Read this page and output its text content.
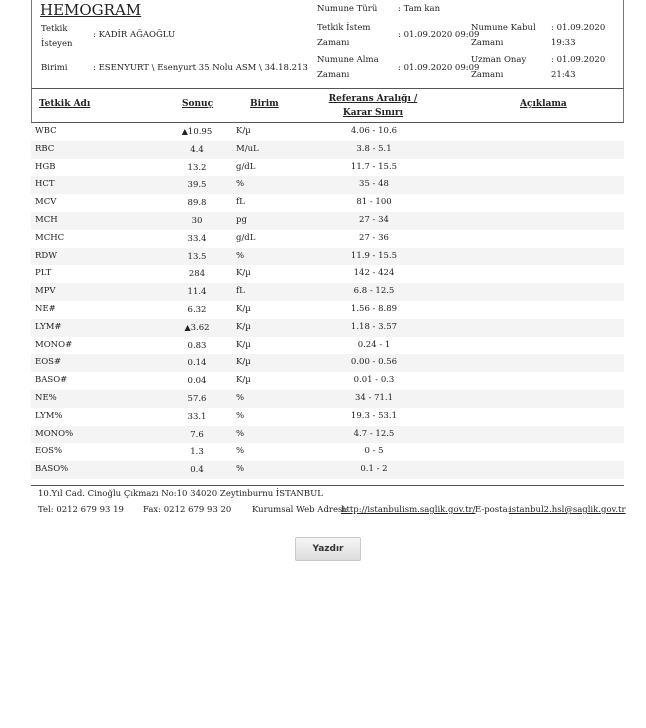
HEMOGRAM
Tetkik
İsteyen
: KADİR AĞAOĞLU
Birimi	: ESENYURT \ Esenyurt 35 Nolu ASM \ 34.18.213
Numune Türü : Tam kan
Tetkik İstem
Zamanı
: 01.09.2020 09:09
Numune Alma
Zamanı
: 01.09.2020 09:09
Numune Kabul
Zamanı
: 01.09.2020
19:33
Uzman Onay
Zamanı
: 01.09.2020
21:43
Tetkik Adı	Sonuç	Birim	Referans Aralığı /
Karar Sınırı
Açıklama
WBC	▲10.95	K/µ	4.06 - 10.6
RBC	4.4	M/uL	3.8 - 5.1
HGB	13.2	g/dL	11.7 - 15.5
HCT	39.5	%	35 - 48
MCV	89.8	fL	81 - 100
MCH	30	pg	27 - 34
MCHC	33.4	g/dL	27 - 36
RDW	13.5	%	11.9 - 15.5
PLT	284	K/µ	142 - 424
MPV	11.4	fL	6.8 - 12.5
NE#	6.32	K/µ	1.56 - 8.89
LYM#	▲3.62	K/µ	1.18 - 3.57
MONO#	0.83	K/µ	0.24 - 1
EOS#	0.14	K/µ	0.00 - 0.56
BASO#	0.04	K/µ	0.01 - 0.3
NE%	57.6	%	34 - 71.1
LYM%	33.1	%	19.3 - 53.1
MONO%	7.6	%	4.7 - 12.5
EOS%	1.3	%	0 - 5
BASO%	0.4	%	0.1 - 2
10.Yıl Cad. Cinoğlu Çıkmazı No:10 34020 Zeytinburnu İSTANBUL
Tel: 0212 679 93 19 Fax: 0212 679 93 20 Kurumsal Web Adresi:
http://istanbulism.saglik.gov.tr/ E-posta:
istanbul2.hsl@saglik.gov.tr
Yazdır
